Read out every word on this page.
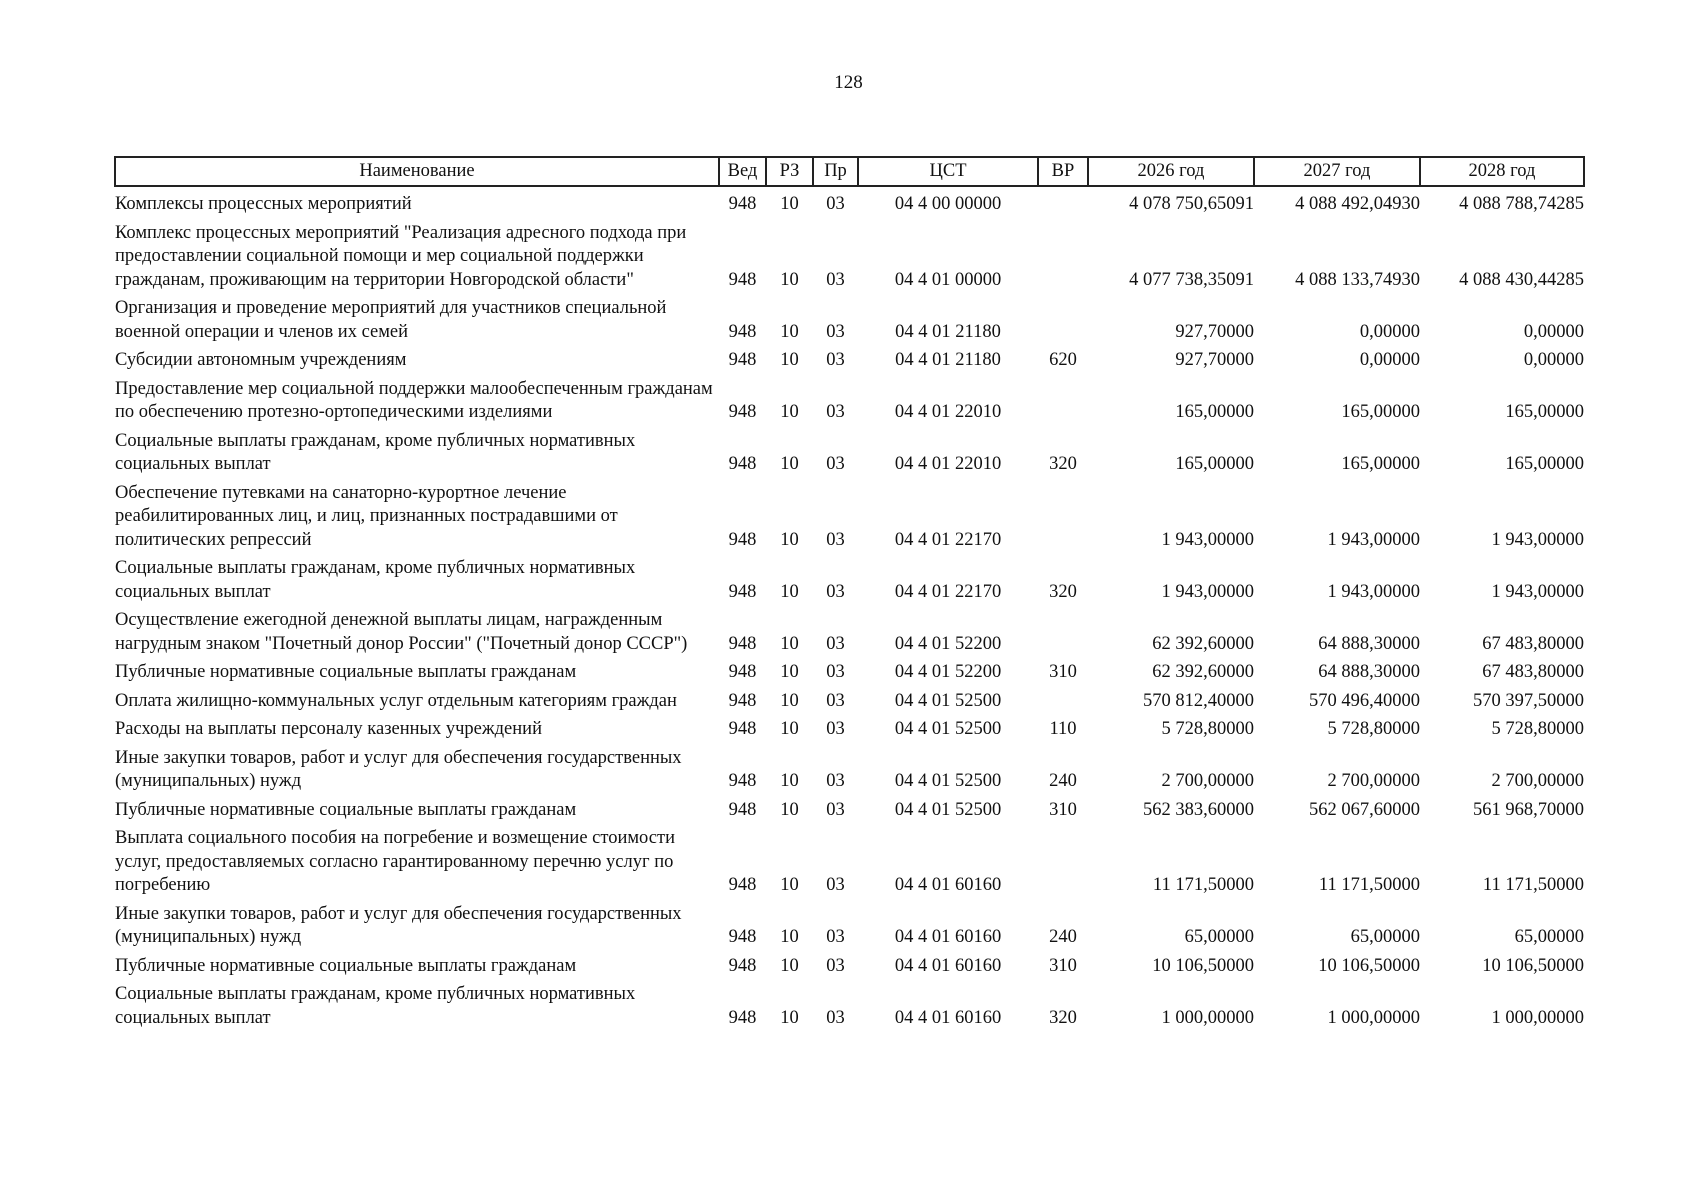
128
Наименование	Вед	РЗ	Пр	ЦСТ	ВР	2026 год	2027 год	2028 год
Комплексы процессных мероприятий	948	10	03	04 4 00 00000		4 078 750,65091	4 088 492,04930	4 088 788,74285
Комплекс процессных мероприятий "Реализация адресного подхода при предоставлении социальной помощи и мер социальной поддержки гражданам, проживающим на территории Новгородской области"	948	10	03	04 4 01 00000		4 077 738,35091	4 088 133,74930	4 088 430,44285
Организация и проведение мероприятий для участников специальной военной операции и членов их семей	948	10	03	04 4 01 21180		927,70000	0,00000	0,00000
Субсидии автономным учреждениям	948	10	03	04 4 01 21180	620	927,70000	0,00000	0,00000
Предоставление мер социальной поддержки малообеспеченным гражданам по обеспечению протезно-ортопедическими изделиями	948	10	03	04 4 01 22010		165,00000	165,00000	165,00000
Социальные выплаты гражданам, кроме публичных нормативных социальных выплат	948	10	03	04 4 01 22010	320	165,00000	165,00000	165,00000
Обеспечение путевками на санаторно-курортное лечение реабилитированных лиц, и лиц, признанных пострадавшими от политических репрессий	948	10	03	04 4 01 22170		1 943,00000	1 943,00000	1 943,00000
Социальные выплаты гражданам, кроме публичных нормативных социальных выплат	948	10	03	04 4 01 22170	320	1 943,00000	1 943,00000	1 943,00000
Осуществление ежегодной денежной выплаты лицам, награжденным нагрудным знаком "Почетный донор России" ("Почетный донор СССР")	948	10	03	04 4 01 52200		62 392,60000	64 888,30000	67 483,80000
Публичные нормативные социальные выплаты гражданам	948	10	03	04 4 01 52200	310	62 392,60000	64 888,30000	67 483,80000
Оплата жилищно-коммунальных услуг отдельным категориям граждан	948	10	03	04 4 01 52500		570 812,40000	570 496,40000	570 397,50000
Расходы на выплаты персоналу казенных учреждений	948	10	03	04 4 01 52500	110	5 728,80000	5 728,80000	5 728,80000
Иные закупки товаров, работ и услуг для обеспечения государственных (муниципальных) нужд	948	10	03	04 4 01 52500	240	2 700,00000	2 700,00000	2 700,00000
Публичные нормативные социальные выплаты гражданам	948	10	03	04 4 01 52500	310	562 383,60000	562 067,60000	561 968,70000
Выплата социального пособия на погребение и возмещение стоимости услуг, предоставляемых согласно гарантированному перечню услуг по погребению	948	10	03	04 4 01 60160		11 171,50000	11 171,50000	11 171,50000
Иные закупки товаров, работ и услуг для обеспечения государственных (муниципальных) нужд	948	10	03	04 4 01 60160	240	65,00000	65,00000	65,00000
Публичные нормативные социальные выплаты гражданам	948	10	03	04 4 01 60160	310	10 106,50000	10 106,50000	10 106,50000
Социальные выплаты гражданам, кроме публичных нормативных социальных выплат	948	10	03	04 4 01 60160	320	1 000,00000	1 000,00000	1 000,00000
